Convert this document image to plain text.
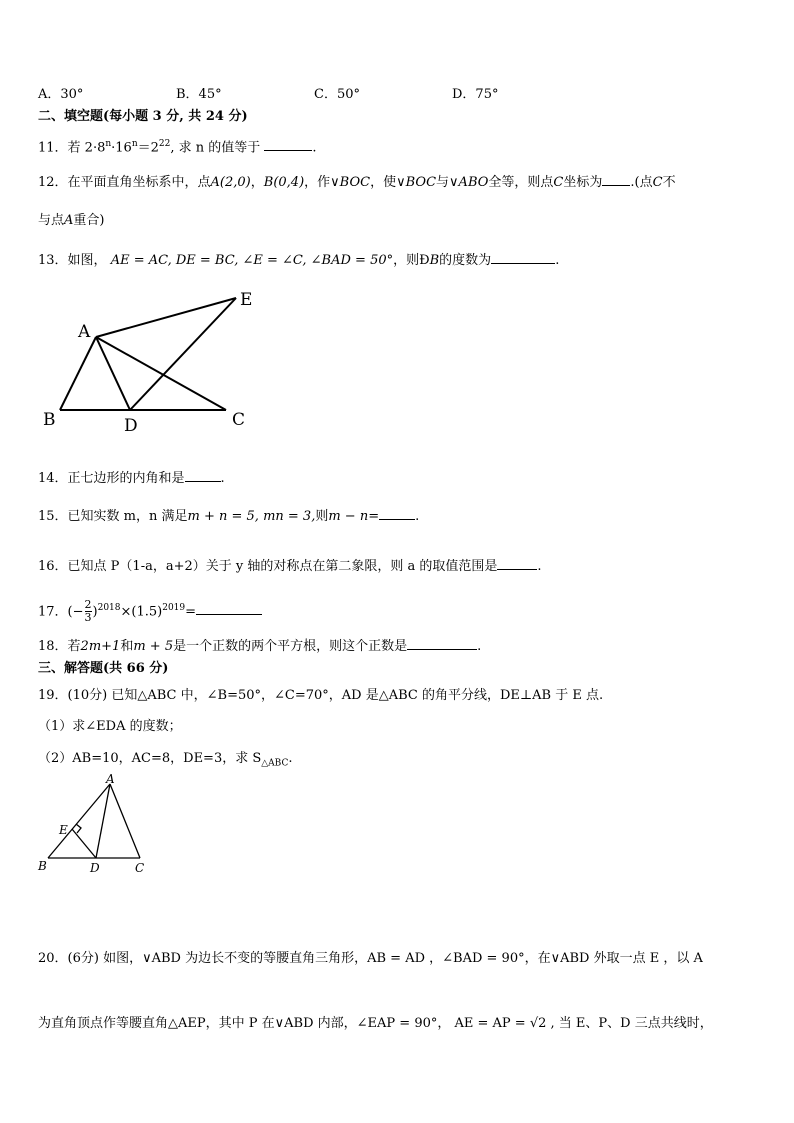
A．30°	B．45°	C．50°	D．75°
二、填空题(每小题 3 分, 共 24 分)
11．若 $2\cdot 8^n\cdot 16^n=2^{22}$, 求 n 的值等于	.
12．在平面直角坐标系中，点A(2,0)，B(0,4)，作∨BOC，使∨BOC与∨ABO全等，则点C坐标为 .(点C不
与点A重合)
13．如图， AE = AC, DE = BC, ∠E = ∠C, ∠BAD = 50°，则ÐB的度数为	.
A
B	C
D
E
14．正七边形的内角和是	.
15．已知实数 m，n 满足m + n = 5, mn = 3,则m − n=	.
16．已知点 P（1-a，a+2）关于 y 轴的对称点在第二象限，则 a 的取值范围是	.
17．(− $\frac{2}{3} )^{2018}\times(1.5)^{2019}=$
18．若2m+1和m + 5是一个正数的两个平方根，则这个正数是	.
三、解答题(共 66 分)
19．(10分) 已知△ABC 中，∠B=50°，∠C=70°，AD 是△ABC 的角平分线，DE⊥AB 于 E 点.
（1）求∠EDA 的度数；
（2）AB=10，AC=8，DE=3，求 $S_{\triangle ABC}$.
A
E
B	D	C
20．(6分) 如图，∨ABD 为边长不变的等腰直角三角形，AB = AD ，∠BAD = 90°，在∨ABD 外取一点 E ，以 A
为直角顶点作等腰直角△AEP，其中 P 在∨ABD 内部，∠EAP = 90°， AE = AP = √2 , 当 E、P、D 三点共线时，
